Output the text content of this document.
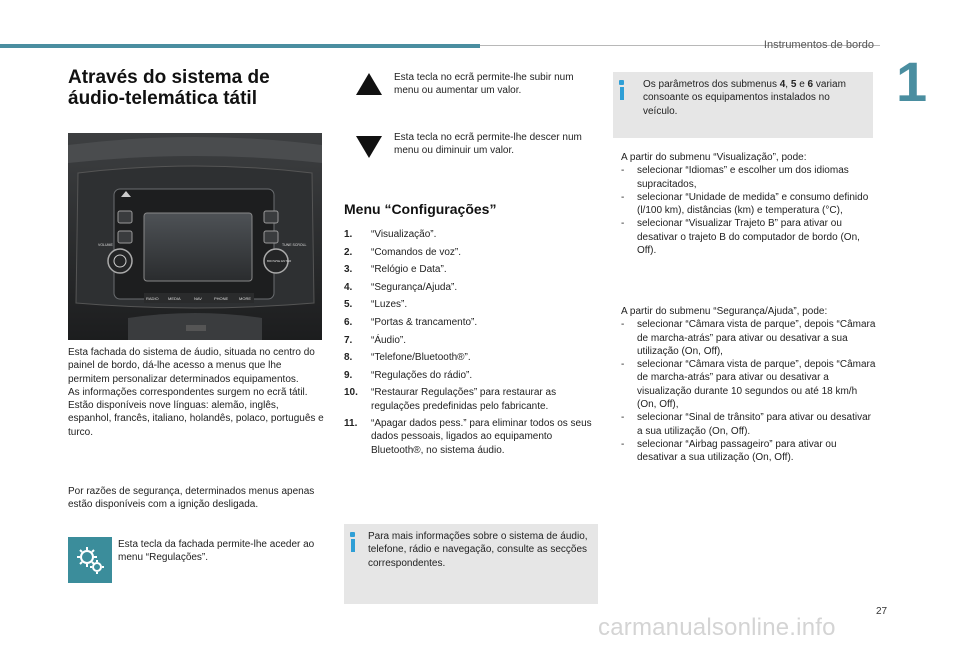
Instrumentos de bordo
1
Através do sistema de áudio-telemática tátil
RADIO MEDIA	NAV	PHONE	MORE
VOLUME	TUNE SCROLL
BROWSE ENTER
Esta fachada do sistema de áudio, situada no centro do painel de bordo, dá-lhe acesso a menus que lhe permitem personalizar determinados equipamentos.
As informações correspondentes surgem no ecrã tátil.
Estão disponíveis nove línguas: alemão, inglês, espanhol, francês, italiano, holandês, polaco, português e turco.
Por razões de segurança, determinados menus apenas estão disponíveis com a ignição desligada.
Esta tecla da fachada permite-lhe aceder ao menu “Regulações”.
Esta tecla no ecrã permite-lhe subir num menu ou aumentar um valor.
Esta tecla no ecrã permite-lhe descer num menu ou diminuir um valor.
Menu “Configurações”
1.	“Visualização”.
2.	“Comandos de voz”.
3.	“Relógio e Data”.
4.	“Segurança/Ajuda”.
5.	“Luzes”.
6.	“Portas & trancamento”.
7.	“Áudio”.
8.	“Telefone/Bluetooth®”.
9.	“Regulações do rádio”.
10.	“Restaurar Regulações” para restaurar as regulações predefinidas pelo fabricante.
11.	“Apagar dados pess.” para eliminar todos os seus dados pessoais, ligados ao equipamento Bluetooth®, no sistema áudio.
Para mais informações sobre o sistema de áudio, telefone, rádio e navegação, consulte as secções correspondentes.
Os parâmetros dos submenus 4, 5 e 6 variam consoante os equipamentos instalados no veículo.
A partir do submenu “Visualização”, pode:
-	selecionar “Idiomas” e escolher um dos idiomas supracitados,
-	selecionar “Unidade de medida” e consumo definido (l/100 km), distâncias (km) e temperatura (°C),
-	selecionar “Visualizar Trajeto B” para ativar ou desativar o trajeto B do computador de bordo (On, Off).
A partir do submenu “Segurança/Ajuda”, pode:
-	selecionar “Câmara vista de parque”, depois “Câmara de marcha-atrás” para ativar ou desativar a sua utilização (On, Off),
-	selecionar “Câmara vista de parque”, depois “Câmara de marcha-atrás” para ativar ou desativar a visualização durante 10 segundos ou até 18 km/h (On, Off),
-	selecionar “Sinal de trânsito” para ativar ou desativar a sua utilização (On, Off).
-	selecionar “Airbag passageiro” para ativar ou desativar a sua utilização (On, Off).
27
carmanualsonline.info
